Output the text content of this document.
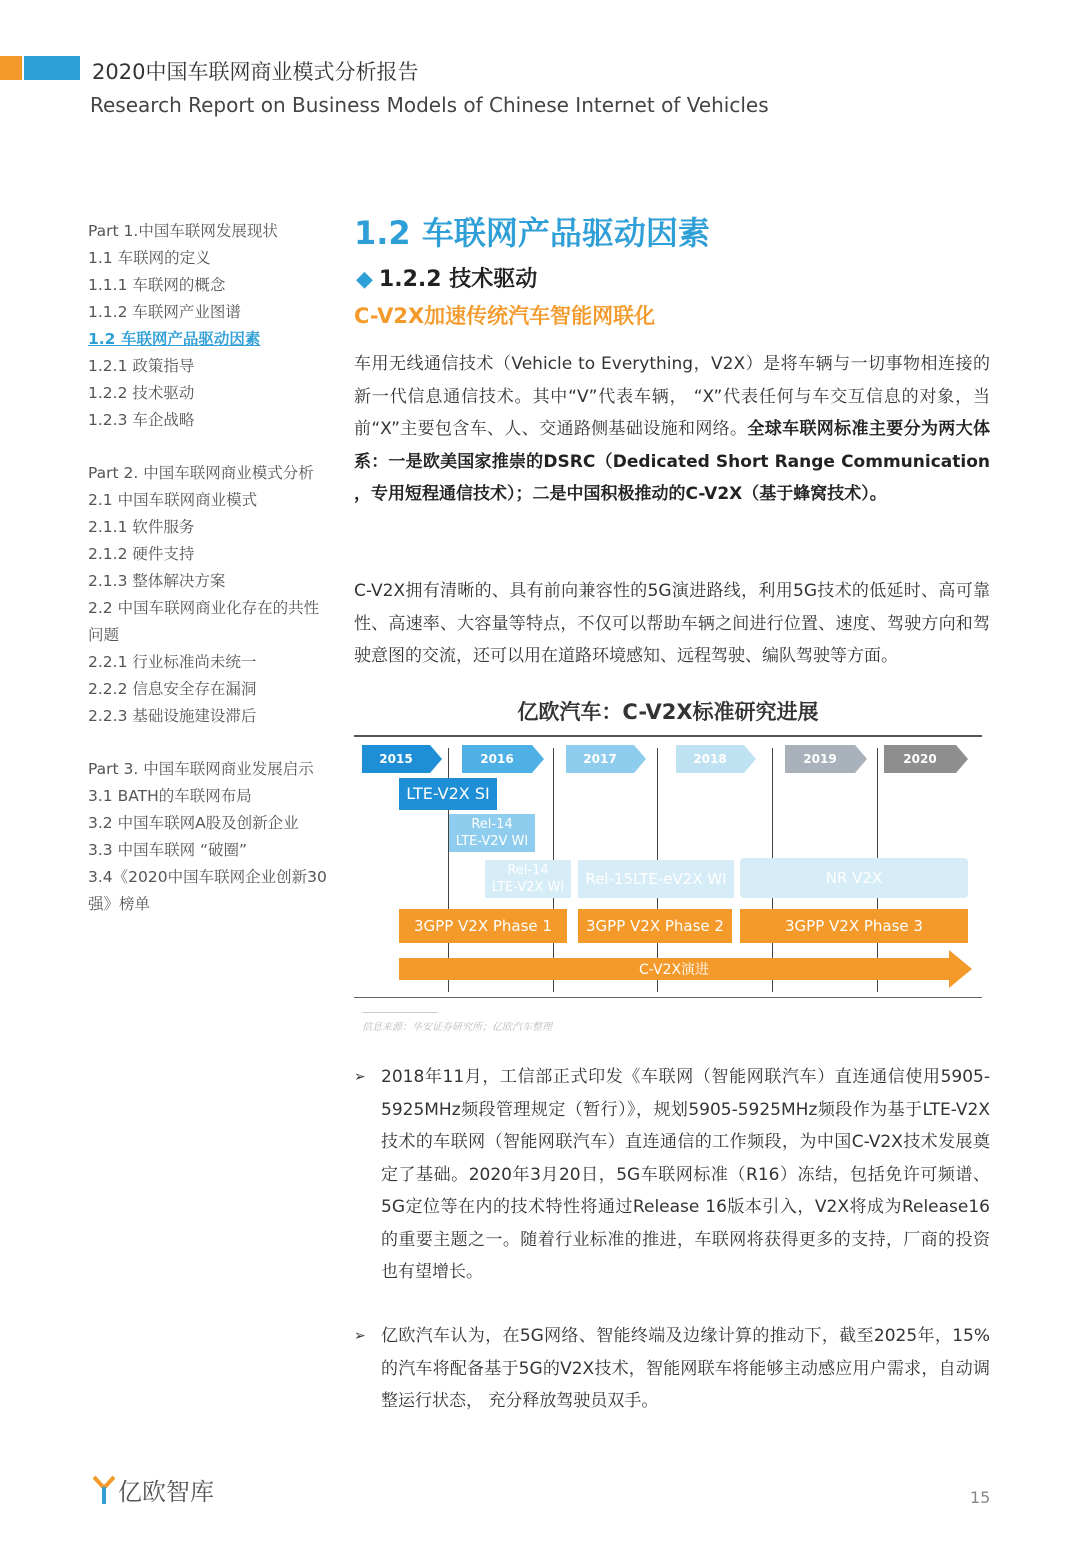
2020中国车联网商业模式分析报告
Research Report on Business Models of Chinese Internet of Vehicles
Part 1.中国车联网发展现状
1.1 车联网的定义
1.1.1 车联网的概念
1.1.2 车联网产业图谱
1.2 车联网产品驱动因素
1.2.1 政策指导
1.2.2 技术驱动
1.2.3 车企战略
Part 2. 中国车联网商业模式分析
2.1 中国车联网商业模式
2.1.1 软件服务
2.1.2 硬件支持
2.1.3 整体解决方案
2.2 中国车联网商业化存在的共性问题
2.2.1 行业标准尚未统一
2.2.2 信息安全存在漏洞
2.2.3 基础设施建设滞后
Part 3. 中国车联网商业发展启示
3.1 BATH的车联网布局
3.2 中国车联网A股及创新企业
3.3 中国车联网 “破圈”
3.4《2020中国车联网企业创新30强》榜单
1.2 车联网产品驱动因素
◆ 1.2.2 技术驱动
C-V2X加速传统汽车智能网联化
车用无线通信技术（Vehicle to Everything，V2X）是将车辆与一切事物相连接的新一代信息通信技术。其中“V”代表车辆， “X”代表任何与车交互信息的对象，当前“X”主要包含车、人、交通路侧基础设施和网络。全球车联网标准主要分为两大体系：一是欧美国家推崇的DSRC（Dedicated Short Range Communication ，专用短程通信技术）；二是中国积极推动的C-V2X（基于蜂窝技术）。
C-V2X拥有清晰的、具有前向兼容性的5G演进路线，利用5G技术的低延时、高可靠性、高速率、大容量等特点，不仅可以帮助车辆之间进行位置、速度、驾驶方向和驾驶意图的交流，还可以用在道路环境感知、远程驾驶、编队驾驶等方面。
亿欧汽车：C-V2X标准研究进展
2015	2016	2017	2018	2019	2020
LTE-V2X SI
Rel-14
LTE-V2V WI
Rel-14
LTE-V2X WI	Rel-15LTE-eV2X WI	NR V2X
3GPP V2X Phase 1	3GPP V2X Phase 2	3GPP V2X Phase 3
C-V2X演进
信息来源：华安证券研究所；亿欧汽车整理
➢ 2018年11月，工信部正式印发《车联网（智能网联汽车）直连通信使用5905-5925MHz频段管理规定（暂行）》，规划5905-5925MHz频段作为基于LTE-V2X技术的车联网（智能网联汽车）直连通信的工作频段，为中国C-V2X技术发展奠定了基础。2020年3月20日，5G车联网标准（R16）冻结，包括免许可频谱、5G定位等在内的技术特性将通过Release 16版本引入，V2X将成为Release16的重要主题之一。随着行业标准的推进，车联网将获得更多的支持，厂商的投资也有望增长。
➢ 亿欧汽车认为，在5G网络、智能终端及边缘计算的推动下，截至2025年，15%的汽车将配备基于5G的V2X技术，智能网联车将能够主动感应用户需求，自动调整运行状态， 充分释放驾驶员双手。
亿欧智库	15
